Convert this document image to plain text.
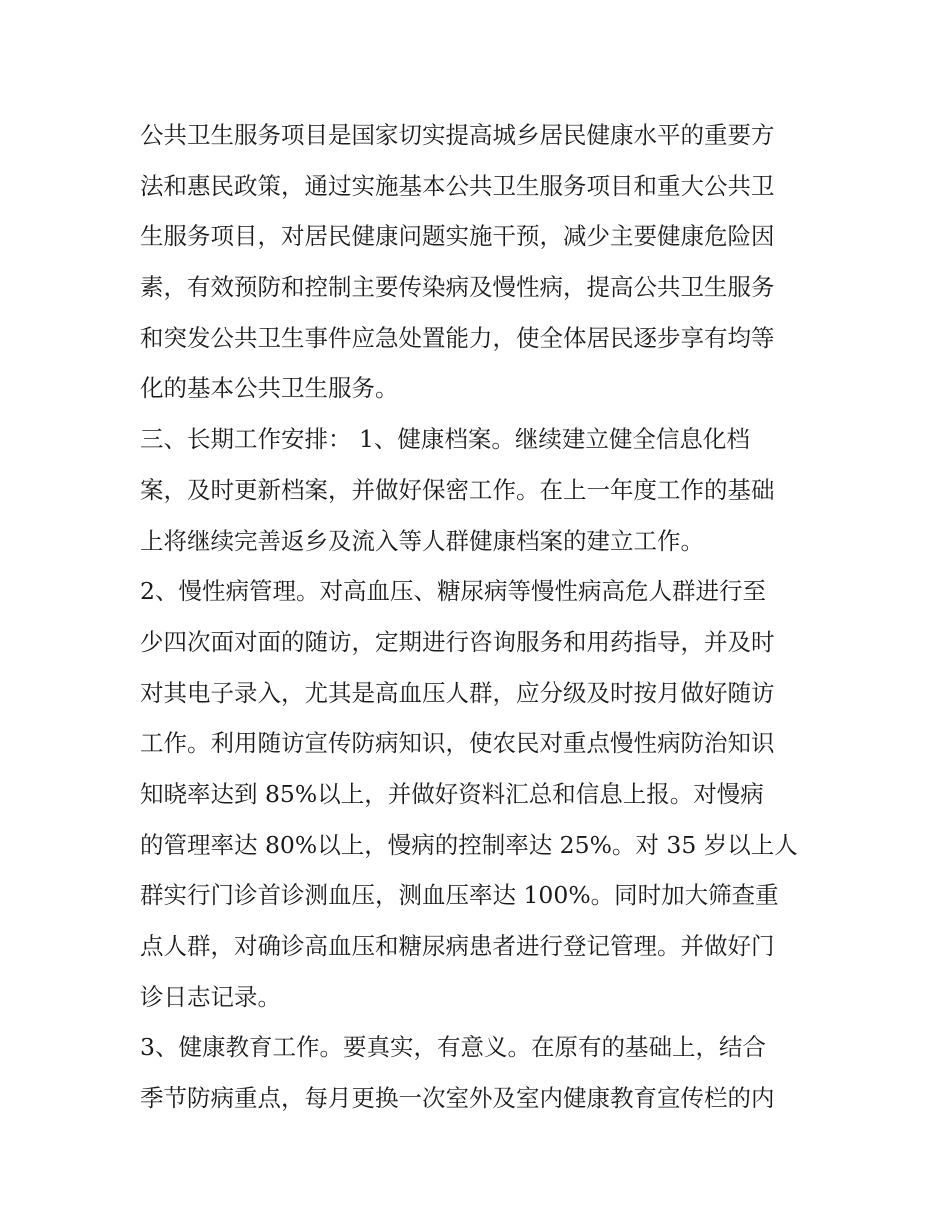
公共卫生服务项目是国家切实提高城乡居民健康水平的重要方
法和惠民政策，通过实施基本公共卫生服务项目和重大公共卫
生服务项目，对居民健康问题实施干预，减少主要健康危险因
素，有效预防和控制主要传染病及慢性病，提高公共卫生服务
和突发公共卫生事件应急处置能力，使全体居民逐步享有均等
化的基本公共卫生服务。
三、长期工作安排： 1、健康档案。继续建立健全信息化档
案，及时更新档案，并做好保密工作。在上一年度工作的基础
上将继续完善返乡及流入等人群健康档案的建立工作。
2、慢性病管理。对高血压、糖尿病等慢性病高危人群进行至
少四次面对面的随访，定期进行咨询服务和用药指导，并及时
对其电子录入，尤其是高血压人群，应分级及时按月做好随访
工作。利用随访宣传防病知识，使农民对重点慢性病防治知识
知晓率达到 85%以上，并做好资料汇总和信息上报。对慢病
的管理率达 80%以上，慢病的控制率达 25%。对 35 岁以上人
群实行门诊首诊测血压，测血压率达 100%。同时加大筛查重
点人群，对确诊高血压和糖尿病患者进行登记管理。并做好门
诊日志记录。
3、健康教育工作。要真实，有意义。在原有的基础上，结合
季节防病重点，每月更换一次室外及室内健康教育宣传栏的内
